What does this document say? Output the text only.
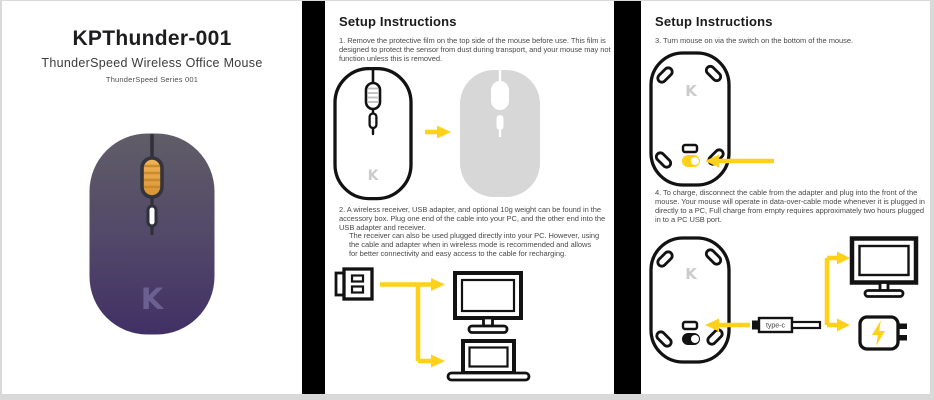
KPThunder-001
ThunderSpeed Wireless Office Mouse
ThunderSpeed Series 001
K
Setup Instructions

1. Remove the protective film on the top side of the mouse before use. This film is designed to protect the sensor from dust during transport, and your mouse may not function unless this is removed.

K

2. A wireless receiver, USB adapter, and optional 10g weight can be found in the accessory box. Plug one end of the cable into your PC, and the other end into the USB adapter and receiver.

The receiver can also be used plugged directly into your PC. However, using the cable and adapter when in wireless mode is recommended and allows for better connectivity and easy access to the cable for recharging.

Setup Instructions

3. Turn mouse on via the switch on the bottom of the mouse.

K

4. To charge, disconnect the cable from the adapter and plug into the front of the mouse. Your mouse will operate in data-over-cable mode whenever it is plugged in directly to a PC, Full charge from empty requires approximately two hours plugged in to a PC USB port.

K
type-c
